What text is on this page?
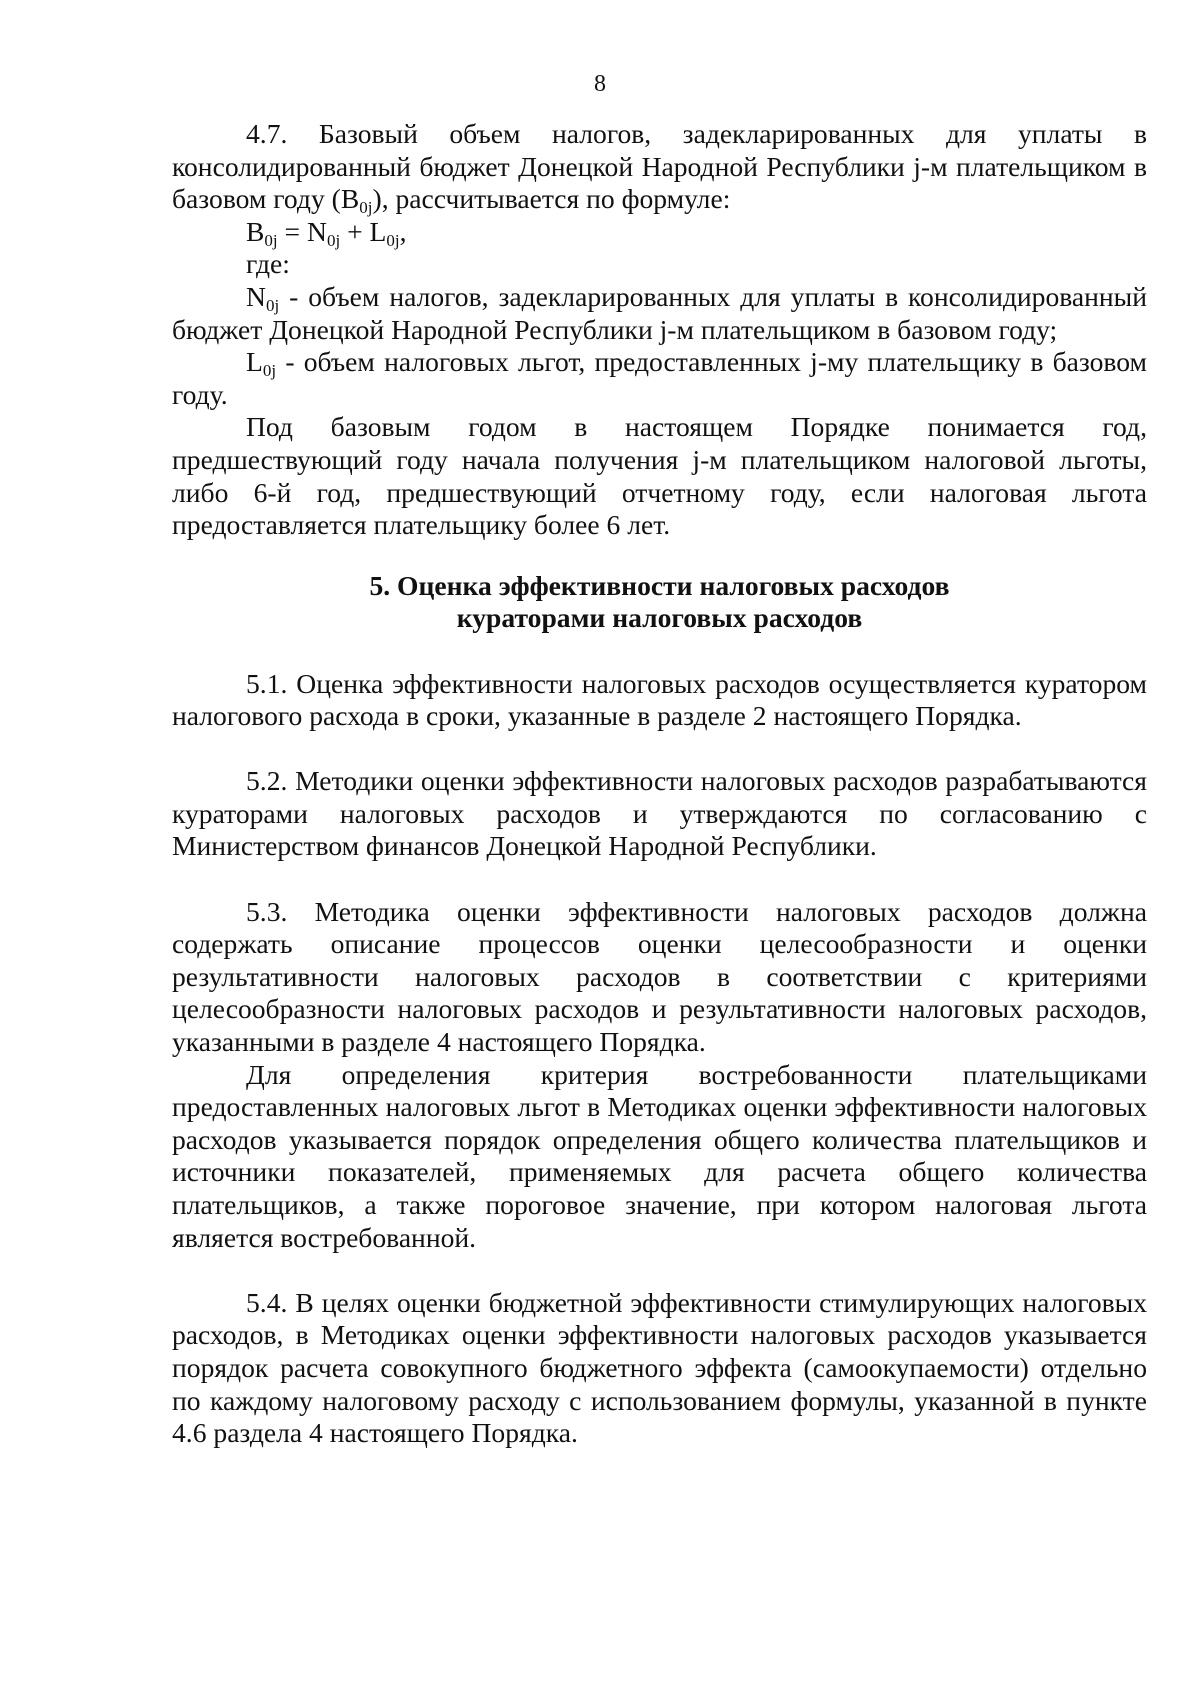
8

4.7. Базовый объем налогов, задекларированных для уплаты в консолидированный бюджет Донецкой Народной Республики j-м плательщиком в базовом году $(B_{0j})$, рассчитывается по формуле:

$B_{0j} = N_{0j} + L_{0j}$,

где:

$N_{0j}$ - объем налогов, задекларированных для уплаты в консолидированный бюджет Донецкой Народной Республики j-м плательщиком в базовом году;

$L_{0j}$ - объем налоговых льгот, предоставленных j-му плательщику в базовом году.

Под базовым годом в настоящем Порядке понимается год, предшествующий году начала получения j-м плательщиком налоговой льготы, либо 6-й год, предшествующий отчетному году, если налоговая льгота предоставляется плательщику более 6 лет.

5. Оценка эффективности налоговых расходов
кураторами налоговых расходов

5.1. Оценка эффективности налоговых расходов осуществляется куратором налогового расхода в сроки, указанные в разделе 2 настоящего Порядка.

5.2. Методики оценки эффективности налоговых расходов разрабатываются кураторами налоговых расходов и утверждаются по согласованию с Министерством финансов Донецкой Народной Республики.

5.3. Методика оценки эффективности налоговых расходов должна содержать описание процессов оценки целесообразности и оценки результативности налоговых расходов в соответствии с критериями целесообразности налоговых расходов и результативности налоговых расходов, указанными в разделе 4 настоящего Порядка.

Для определения критерия востребованности плательщиками предоставленных налоговых льгот в Методиках оценки эффективности налоговых расходов указывается порядок определения общего количества плательщиков и источники показателей, применяемых для расчета общего количества плательщиков, а также пороговое значение, при котором налоговая льгота является востребованной.

5.4. В целях оценки бюджетной эффективности стимулирующих налоговых расходов, в Методиках оценки эффективности налоговых расходов указывается порядок расчета совокупного бюджетного эффекта (самоокупаемости) отдельно по каждому налоговому расходу с использованием формулы, указанной в пункте 4.6 раздела 4 настоящего Порядка.
